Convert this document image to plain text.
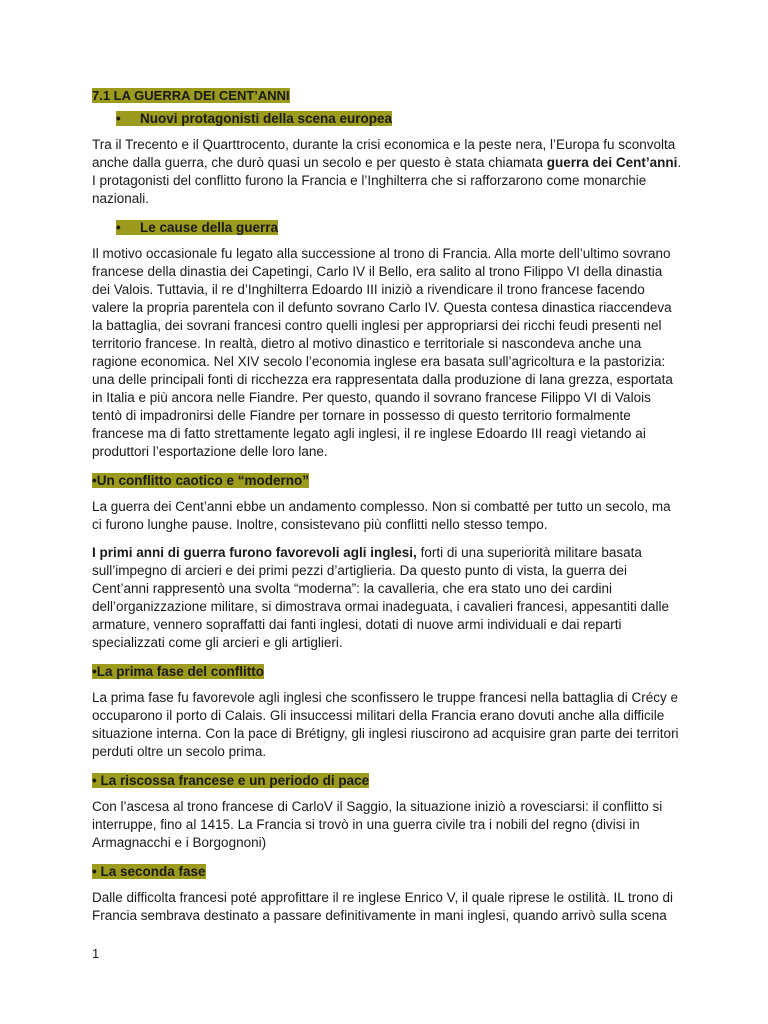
7.1 LA GUERRA DEI CENT’ANNI
• Nuovi protagonisti della scena europea

Tra il Trecento e il Quarttrocento, durante la crisi economica e la peste nera, l’Europa fu sconvolta anche dalla guerra, che durò quasi un secolo e per questo è stata chiamata guerra dei Cent’anni. I protagonisti del conflitto furono la Francia e l’Inghilterra che si rafforzarono come monarchie nazionali.

• Le cause della guerra

Il motivo occasionale fu legato alla successione al trono di Francia. Alla morte dell’ultimo sovrano francese della dinastia dei Capetingi, Carlo IV il Bello, era salito al trono Filippo VI della dinastia dei Valois. Tuttavia, il re d’Inghilterra Edoardo III iniziò a rivendicare il trono francese facendo valere la propria parentela con il defunto sovrano Carlo IV. Questa contesa dinastica riaccendeva la battaglia, dei sovrani francesi contro quelli inglesi per appropriarsi dei ricchi feudi presenti nel territorio francese. In realtà, dietro al motivo dinastico e territoriale si nascondeva anche una ragione economica. Nel XIV secolo l’economia inglese era basata sull’agricoltura e la pastorizia: una delle principali fonti di ricchezza era rappresentata dalla produzione di lana grezza, esportata in Italia e più ancora nelle Fiandre. Per questo, quando il sovrano francese Filippo VI di Valois tentò di impadronirsi delle Fiandre per tornare in possesso di questo territorio formalmente francese ma di fatto strettamente legato agli inglesi, il re inglese Edoardo III reagì vietando ai produttori l’esportazione delle loro lane.

•Un conflitto caotico e “moderno”

La guerra dei Cent’anni ebbe un andamento complesso. Non si combatté per tutto un secolo, ma ci furono lunghe pause. Inoltre, consistevano più conflitti nello stesso tempo.

I primi anni di guerra furono favorevoli agli inglesi, forti di una superiorità militare basata sull’impegno di arcieri e dei primi pezzi d’artiglieria. Da questo punto di vista, la guerra dei Cent’anni rappresentò una svolta “moderna”: la cavalleria, che era stato uno dei cardini dell’organizzazione militare, si dimostrava ormai inadeguata, i cavalieri francesi, appesantiti dalle armature, vennero sopraffatti dai fanti inglesi, dotati di nuove armi individuali e dai reparti specializzati come gli arcieri e gli artiglieri.

•La prima fase del conflitto

La prima fase fu favorevole agli inglesi che sconfissero le truppe francesi nella battaglia di Crécy e occuparono il porto di Calais. Gli insuccessi militari della Francia erano dovuti anche alla difficile situazione interna. Con la pace di Brétigny, gli inglesi riuscirono ad acquisire gran parte dei territori perduti oltre un secolo prima.

• La riscossa francese e un periodo di pace

Con l’ascesa al trono francese di CarloV il Saggio, la situazione iniziò a rovesciarsi: il conflitto si interruppe, fino al 1415. La Francia si trovò in una guerra civile tra i nobili del regno (divisi in Armagnacchi e i Borgognoni)

• La seconda fase

Dalle difficolta francesi poté approfittare il re inglese Enrico V, il quale riprese le ostilità. IL trono di Francia sembrava destinato a passare definitivamente in mani inglesi, quando arrivò sulla scena

1
